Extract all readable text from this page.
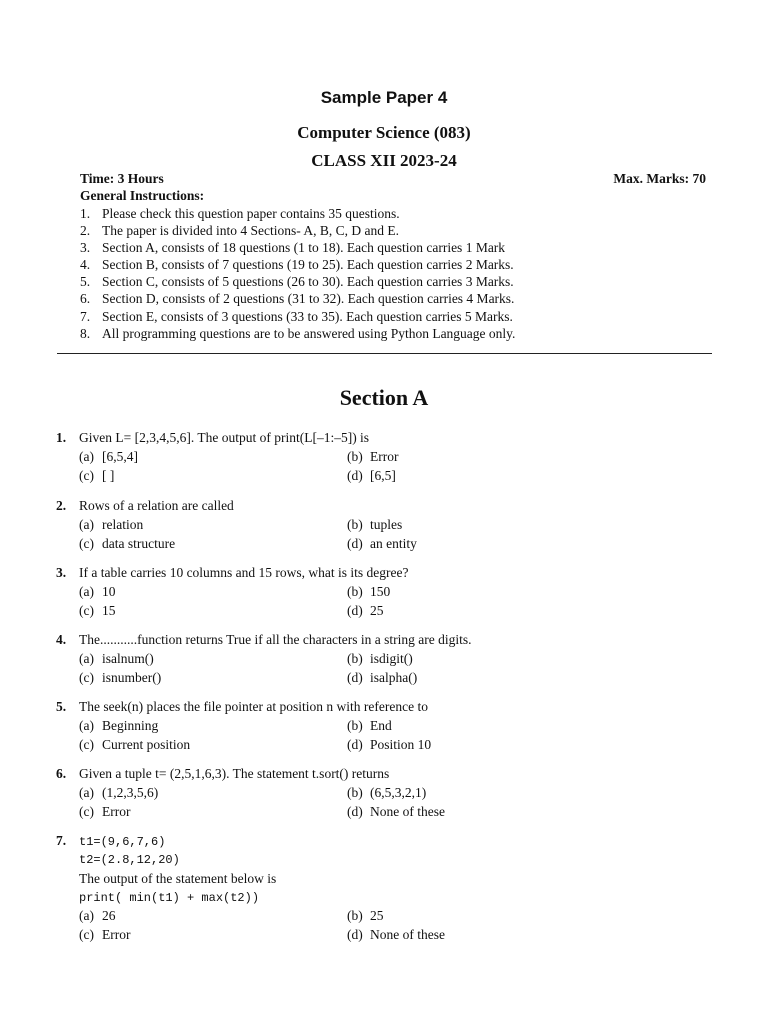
Sample Paper 4
Computer Science (083)
CLASS XII 2023-24
Time: 3 Hours	Max. Marks: 70
General Instructions:
1. Please check this question paper contains 35 questions.
2. The paper is divided into 4 Sections- A, B, C, D and E.
3. Section A, consists of 18 questions (1 to 18). Each question carries 1 Mark
4. Section B, consists of 7 questions (19 to 25). Each question carries 2 Marks.
5. Section C, consists of 5 questions (26 to 30). Each question carries 3 Marks.
6. Section D, consists of 2 questions (31 to 32). Each question carries 4 Marks.
7. Section E, consists of 3 questions (33 to 35). Each question carries 5 Marks.
8. All programming questions are to be answered using Python Language only.
Section A
1. Given L= [2,3,4,5,6]. The output of print(L[–1:–5]) is
(a) [6,5,4]	(b) Error
(c) [ ]	(d) [6,5]
2. Rows of a relation are called
(a) relation	(b) tuples
(c) data structure	(d) an entity
3. If a table carries 10 columns and 15 rows, what is its degree?
(a) 10	(b) 150
(c) 15	(d) 25
4. The...........function returns True if all the characters in a string are digits.
(a) isalnum()	(b) isdigit()
(c) isnumber()	(d) isalpha()
5. The seek(n) places the file pointer at position n with reference to
(a) Beginning	(b) End
(c) Current position	(d) Position 10
6. Given a tuple t= (2,5,1,6,3). The statement t.sort() returns
(a) (1,2,3,5,6)	(b) (6,5,3,2,1)
(c) Error	(d) None of these
7. t1=(9,6,7,6)
t2=(2.8,12,20)
The output of the statement below is
print( min(t1) + max(t2))
(a) 26	(b) 25
(c) Error	(d) None of these
